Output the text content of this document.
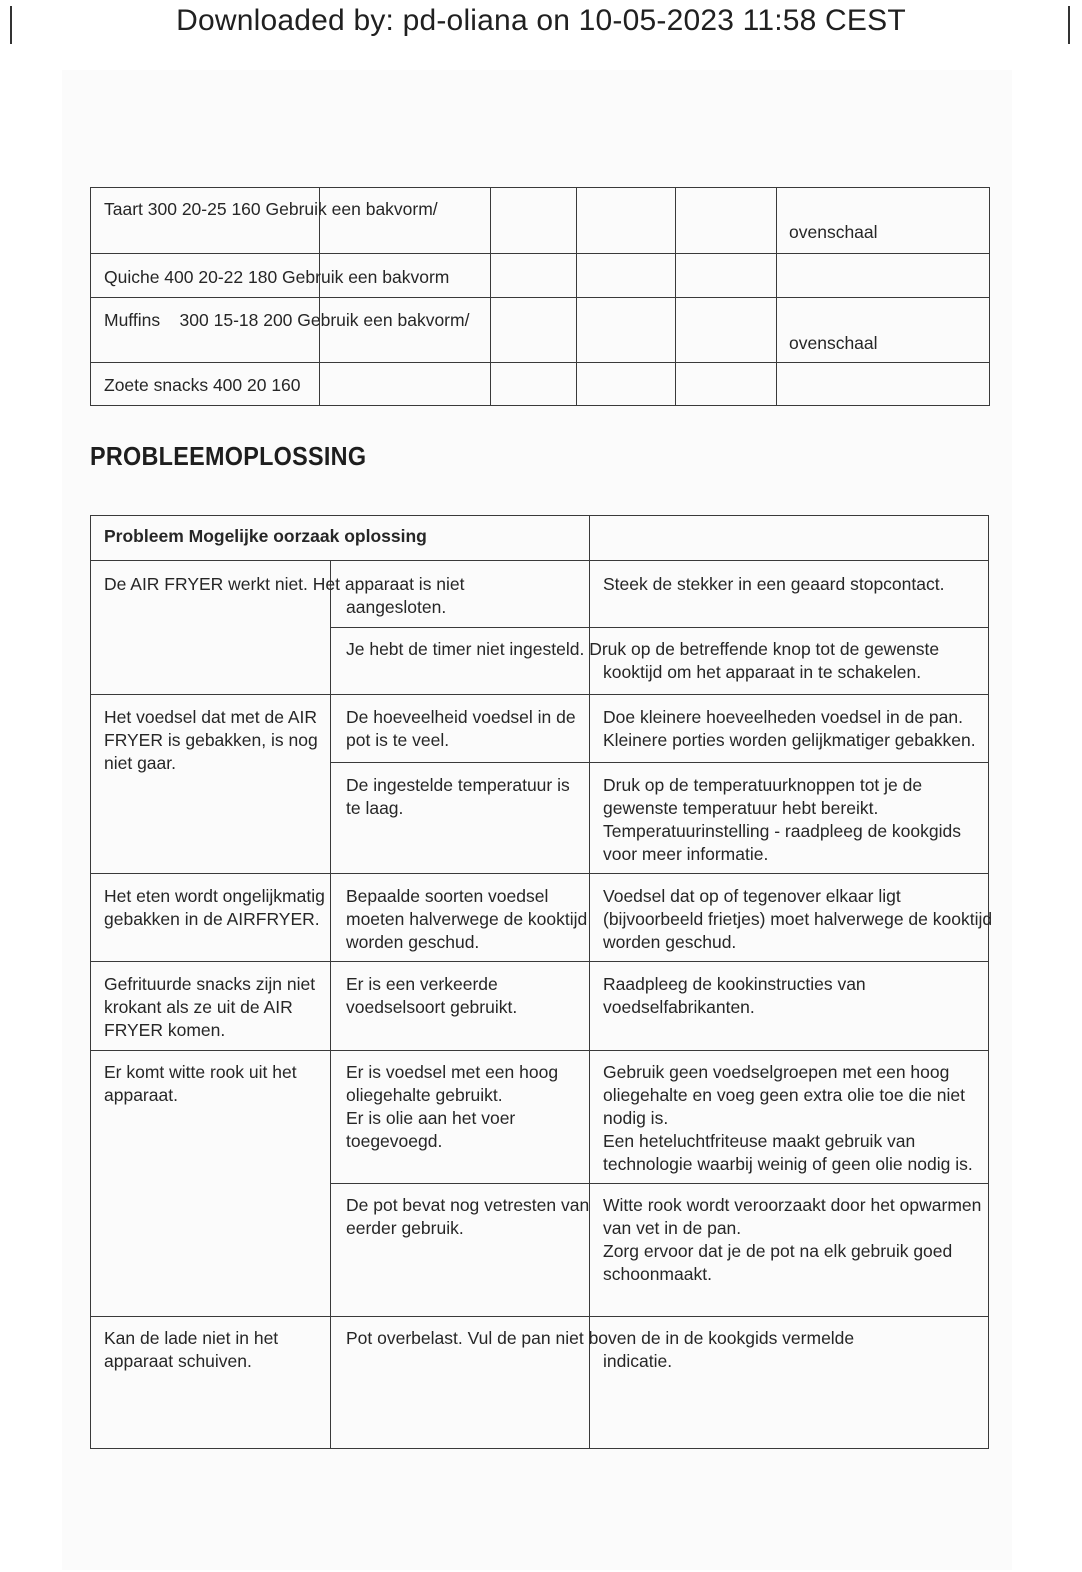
Downloaded by: pd-oliana on 10-05-2023 11:58 CEST
Taart 300 20-25 160 Gebruik een bakvorm/
ovenschaal
Quiche 400 20-22 180 Gebruik een bakvorm
Muffins    300 15-18 200 Gebruik een bakvorm/
ovenschaal
Zoete snacks 400 20 160
PROBLEEMOPLOSSING
Probleem Mogelijke oorzaak oplossing
De AIR FRYER werkt niet. Het apparaat is niet
aangesloten.
Steek de stekker in een geaard stopcontact.
Je hebt de timer niet ingesteld. Druk op de betreffende knop tot de gewenste
kooktijd om het apparaat in te schakelen.
Het voedsel dat met de AIR
FRYER is gebakken, is nog
niet gaar.
De hoeveelheid voedsel in de
pot is te veel.
Doe kleinere hoeveelheden voedsel in de pan.
Kleinere porties worden gelijkmatiger gebakken.
De ingestelde temperatuur is
te laag.
Druk op de temperatuurknoppen tot je de
gewenste temperatuur hebt bereikt.
Temperatuurinstelling - raadpleeg de kookgids
voor meer informatie.
Het eten wordt ongelijkmatig
gebakken in de AIRFRYER.
Bepaalde soorten voedsel
moeten halverwege de kooktijd
worden geschud.
Voedsel dat op of tegenover elkaar ligt
(bijvoorbeeld frietjes) moet halverwege de kooktijd
worden geschud.
Gefrituurde snacks zijn niet
krokant als ze uit de AIR
FRYER komen.
Er is een verkeerde
voedselsoort gebruikt.
Raadpleeg de kookinstructies van
voedselfabrikanten.
Er komt witte rook uit het
apparaat.
Er is voedsel met een hoog
oliegehalte gebruikt.
Er is olie aan het voer
toegevoegd.
Gebruik geen voedselgroepen met een hoog
oliegehalte en voeg geen extra olie toe die niet
nodig is.
Een heteluchtfriteuse maakt gebruik van
technologie waarbij weinig of geen olie nodig is.
De pot bevat nog vetresten van
eerder gebruik.
Witte rook wordt veroorzaakt door het opwarmen
van vet in de pan.
Zorg ervoor dat je de pot na elk gebruik goed
schoonmaakt.
Kan de lade niet in het
apparaat schuiven.
Pot overbelast. Vul de pan niet boven de in de kookgids vermelde
indicatie.
